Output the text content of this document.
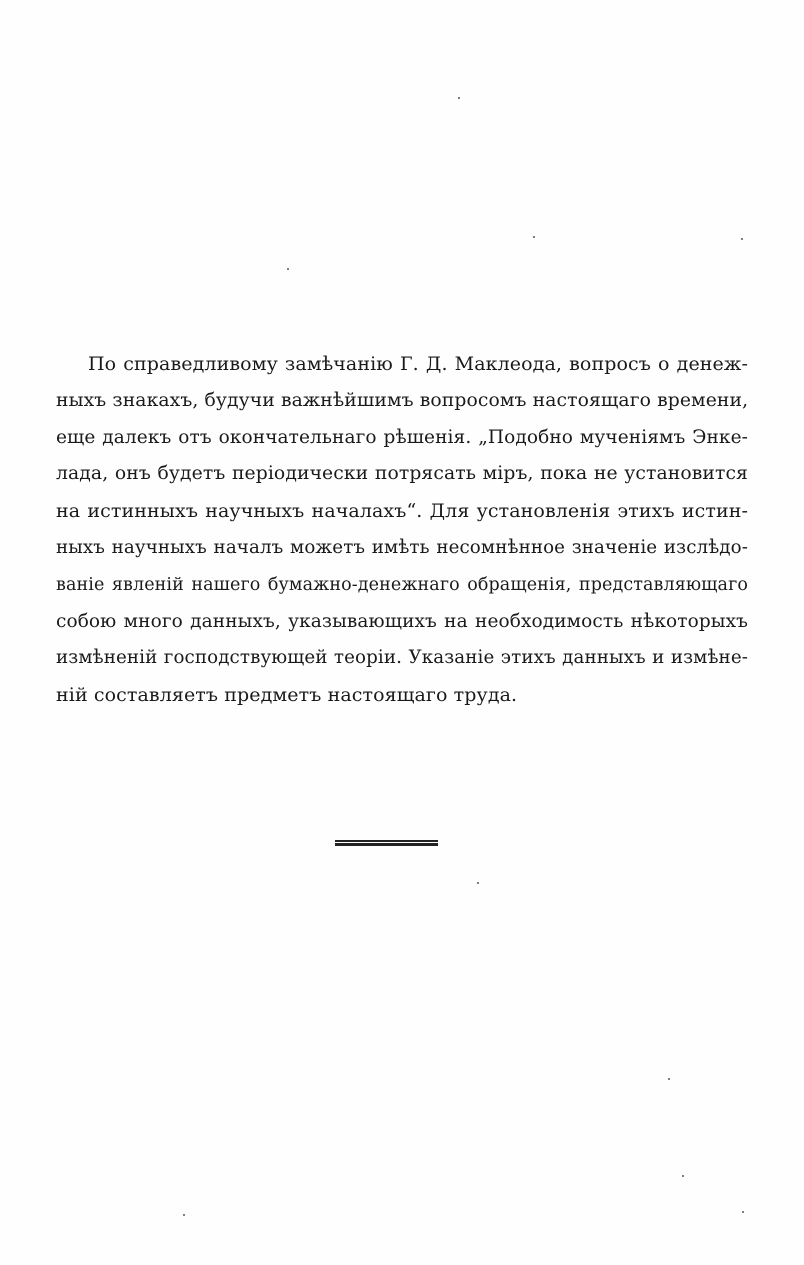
По справедливому замѣчанію Г. Д. Маклеода, вопросъ о денеж-
ныхъ знакахъ, будучи важнѣйшимъ вопросомъ настоящаго времени,
еще далекъ отъ окончательнаго рѣшенія. „Подобно мученіямъ Энке-
лада, онъ будетъ періодически потрясать міръ, пока не установится
на истинныхъ научныхъ началахъ“. Для установленія этихъ истин-
ныхъ научныхъ началъ можетъ имѣть несомнѣнное значеніе изслѣдо-
ваніе явленій нашего бумажно-денежнаго обращенія, представляющаго
собою много данныхъ, указывающихъ на необходимость нѣкоторыхъ
измѣненій господствующей теоріи. Указаніе этихъ данныхъ и измѣне-
ній составляетъ предметъ настоящаго труда.
